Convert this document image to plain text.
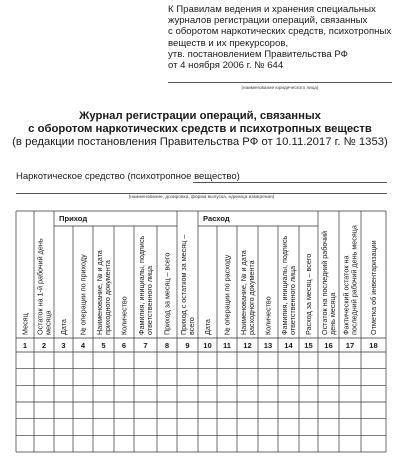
К Правилам ведения и хранения специальных
журналов регистрации операций, связанных
с оборотом наркотических средств, психотропных
веществ и их прекурсоров,
утв. постановлением Правительства РФ
от 4 ноября 2006 г. № 644
(наименование юридического лица)
Журнал регистрации операций, связанных
с оборотом наркотических средств и психотропных веществ
(в редакции постановления Правительства РФ от 10.11.2017 г. № 1353)
Наркотическое средство (психотропное вещество)
(наименование, дозировка, форма выпуска, единица измерения)
Приход	Расход
Месяц Остаток на 1-й рабочий день месяца Дата № операции по приходу Наименование, № и дата приходного документа Количество Фамилия, инициалы, подпись ответственного лица Приход за месяц – всего Приход с остатком за месяц – всего Дата № операции по расходу Наименование, № и дата расходного документа Количество Фамилия, инициалы, подпись ответственного лица Расход за месяц – всего Остаток на последний рабочий день месяца Фактический остаток на последний рабочий день месяца Отметка об инвентаризации
1 2 3 4 5 6 7 8 9 10 11 12 13 14 15 16 17 18
